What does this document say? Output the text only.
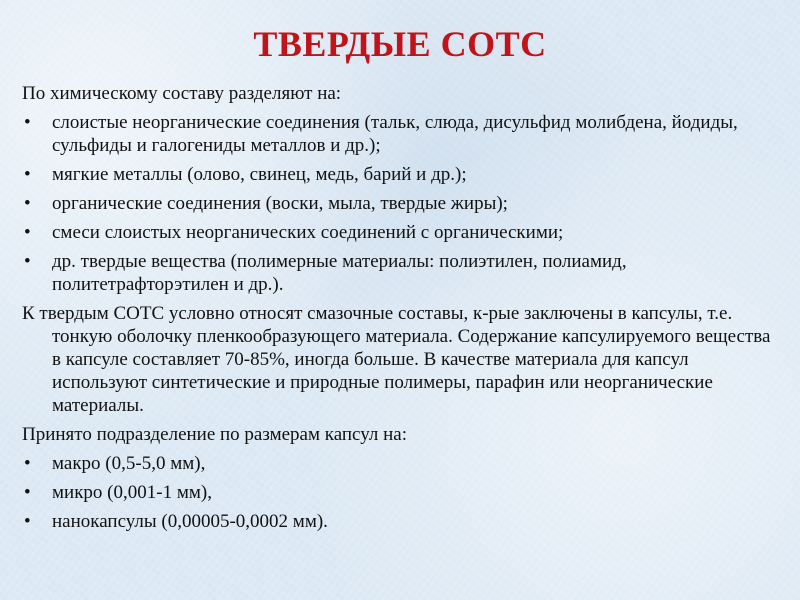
ТВЕРДЫЕ СОТС

По химическому составу разделяют на:

•	слоистые неорганические соединения (тальк, слюда, дисульфид молибдена, йодиды, сульфиды и галогениды металлов и др.);
•	мягкие металлы (олово, свинец, медь, барий и др.);
•	органические соединения (воски, мыла, твердые жиры);
•	смеси слоистых неорганических соединений с органическими;
•	др. твердые вещества (полимерные материалы: полиэтилен, полиамид, политетрафторэтилен и др.).

К твердым СОТС условно относят смазочные составы, к-рые заключены в капсулы, т.е. тонкую оболочку пленкообразующего материала. Содержание капсулируемого вещества в капсуле составляет 70-85%, иногда больше. В качестве материала для капсул используют синтетические и природные полимеры, парафин или неорганические материалы.

Принято подразделение по размерам капсул на:

•	макро (0,5-5,0 мм),
•	микро (0,001-1 мм),
•	нанокапсулы (0,00005-0,0002 мм).
